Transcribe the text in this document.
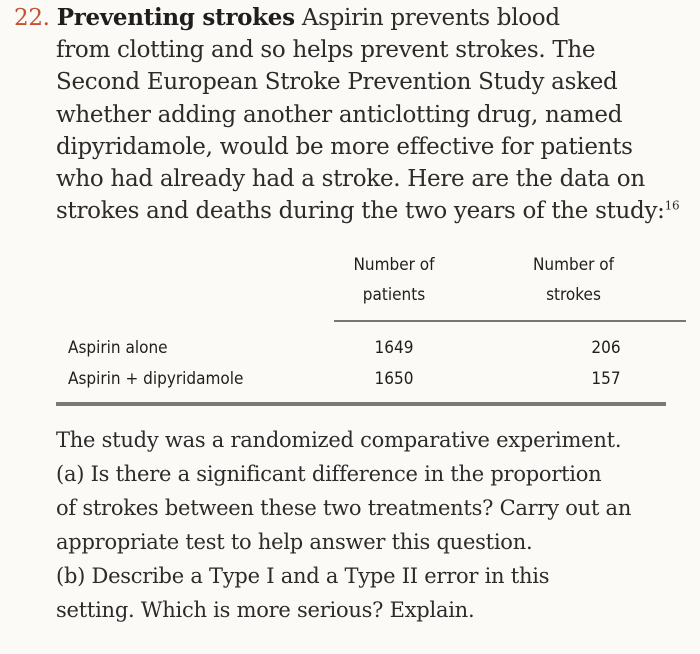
22. Preventing strokes Aspirin prevents blood
from clotting and so helps prevent strokes. The
Second European Stroke Prevention Study asked
whether adding another anticlotting drug, named
dipyridamole, would be more effective for patients
who had already had a stroke. Here are the data on
strokes and deaths during the two years of the study:$^{16}$
Number of
patients
Number of
strokes
Aspirin alone	1649	206
Aspirin + dipyridamole	1650	157
The study was a randomized comparative experiment.
(a) Is there a significant difference in the proportion
of strokes between these two treatments? Carry out an
appropriate test to help answer this question.
(b) Describe a Type I and a Type II error in this
setting. Which is more serious? Explain.
